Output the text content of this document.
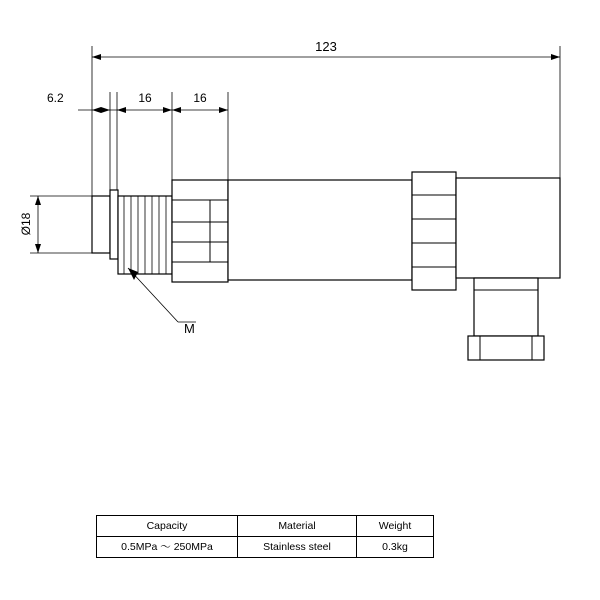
123
6.2	16	16
Ø18
M
Capacity	Material	Weight
0.5MPa ～ 250MPa	Stainless steel	0.3kg
